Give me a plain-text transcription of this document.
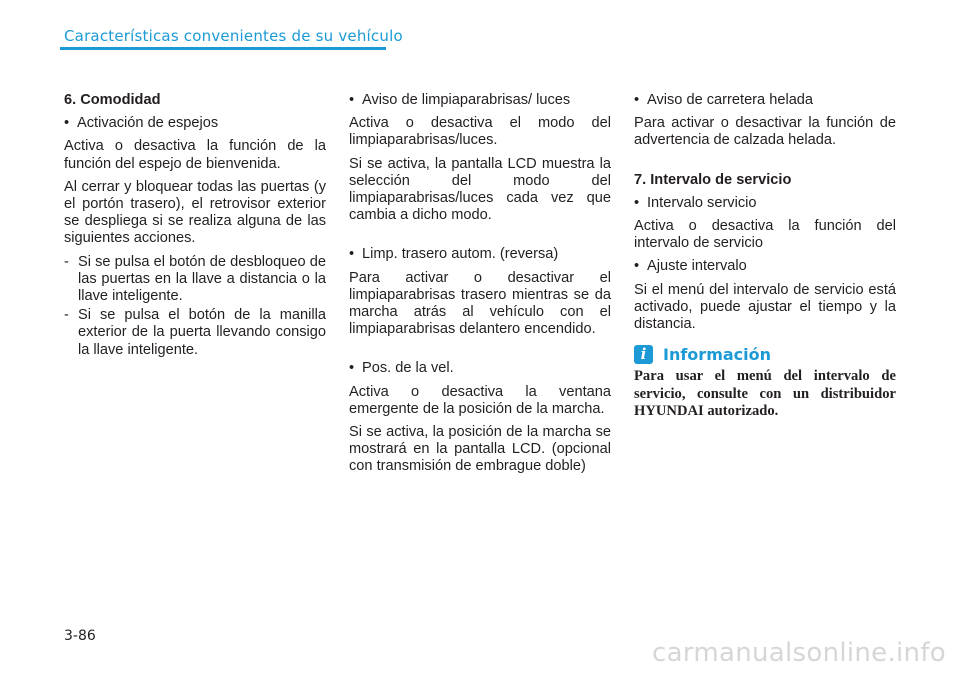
Características convenientes de su vehículo
6. Comodidad
• Activación de espejos
Activa o desactiva la función de la función del espejo de bienvenida.
Al cerrar y bloquear todas las puertas (y el portón trasero), el retrovisor exterior se despliega si se realiza alguna de las siguientes acciones.
- Si se pulsa el botón de desbloqueo de las puertas en la llave a distancia o la llave inteligente.
- Si se pulsa el botón de la manilla exterior de la puerta llevando consigo la llave inteligente.
• Aviso de limpiaparabrisas/ luces
Activa o desactiva el modo del limpiaparabrisas/luces.
Si se activa, la pantalla LCD muestra la selección del modo del limpiaparabrisas/luces cada vez que cambia a dicho modo.
• Limp. trasero autom. (reversa)
Para activar o desactivar el limpiaparabrisas trasero mientras se da marcha atrás al vehículo con el limpiaparabrisas delantero encendido.
• Pos. de la vel.
Activa o desactiva la ventana emergente de la posición de la marcha.
Si se activa, la posición de la marcha se mostrará en la pantalla LCD. (opcional con transmisión de embrague doble)
• Aviso de carretera helada
Para activar o desactivar la función de advertencia de calzada helada.
7. Intervalo de servicio
• Intervalo servicio
Activa o desactiva la función del intervalo de servicio
• Ajuste intervalo
Si el menú del intervalo de servicio está activado, puede ajustar el tiempo y la distancia.
i	Información

Para usar el menú del intervalo de servicio, consulte con un distribuidor HYUNDAI autorizado.

3-86
carmanualsonline.info
